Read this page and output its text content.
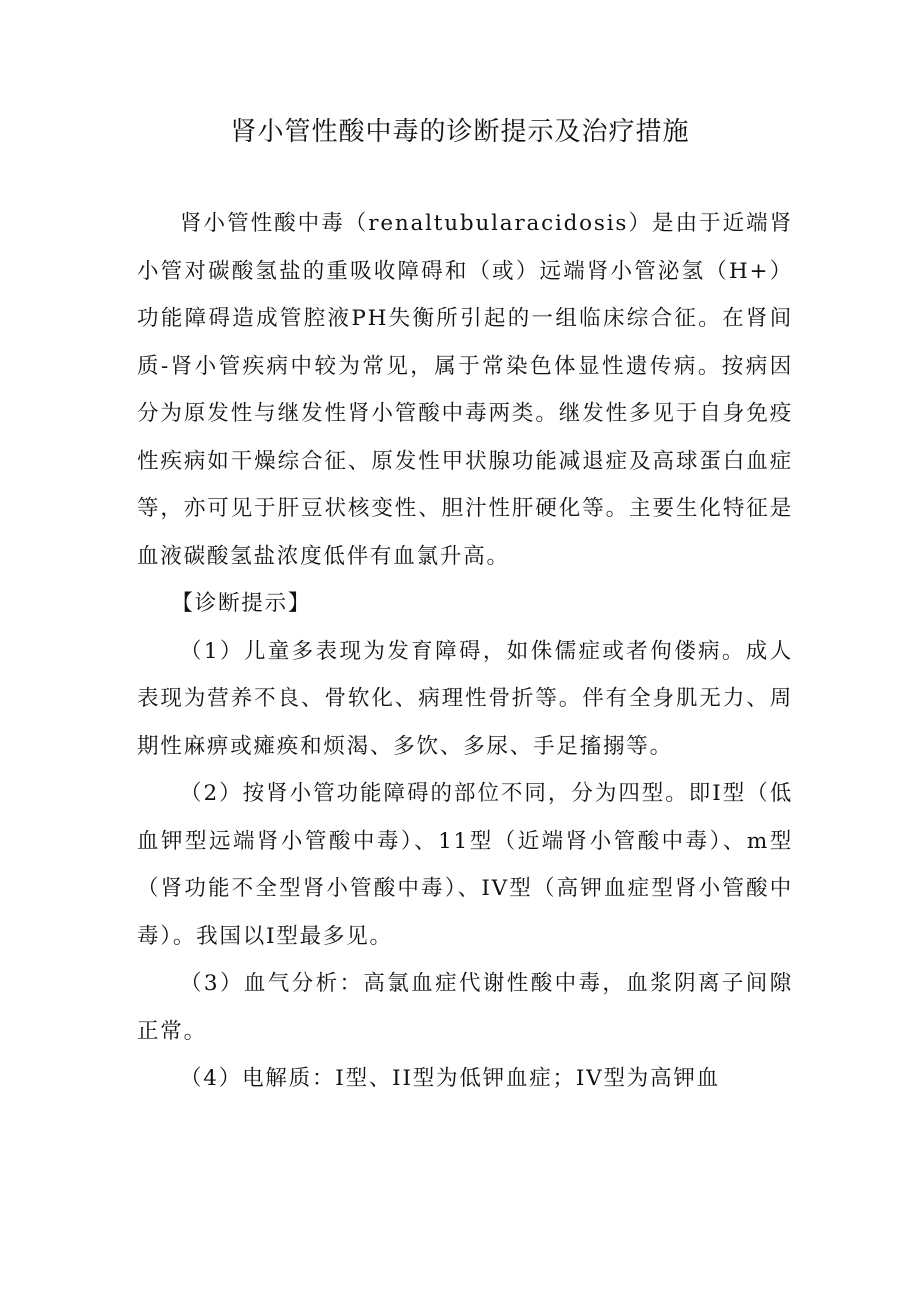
肾小管性酸中毒的诊断提示及治疗措施

肾小管性酸中毒（renaltubularacidosis）是由于近端肾小管对碳酸氢盐的重吸收障碍和（或）远端肾小管泌氢（H+）功能障碍造成管腔液PH失衡所引起的一组临床综合征。在肾间质-肾小管疾病中较为常见，属于常染色体显性遗传病。按病因分为原发性与继发性肾小管酸中毒两类。继发性多见于自身免疫性疾病如干燥综合征、原发性甲状腺功能减退症及高球蛋白血症等，亦可见于肝豆状核变性、胆汁性肝硬化等。主要生化特征是血液碳酸氢盐浓度低伴有血氯升高。

【诊断提示】

（1）儿童多表现为发育障碍，如侏儒症或者佝偻病。成人表现为营养不良、骨软化、病理性骨折等。伴有全身肌无力、周期性麻痹或瘫痪和烦渴、多饮、多尿、手足搐搦等。

（2）按肾小管功能障碍的部位不同，分为四型。即I型（低血钾型远端肾小管酸中毒）、11型（近端肾小管酸中毒）、m型（肾功能不全型肾小管酸中毒）、IV型（高钾血症型肾小管酸中毒）。我国以I型最多见。

（3）血气分析：高氯血症代谢性酸中毒，血浆阴离子间隙正常。

（4）电解质：I型、II型为低钾血症；IV型为高钾血
